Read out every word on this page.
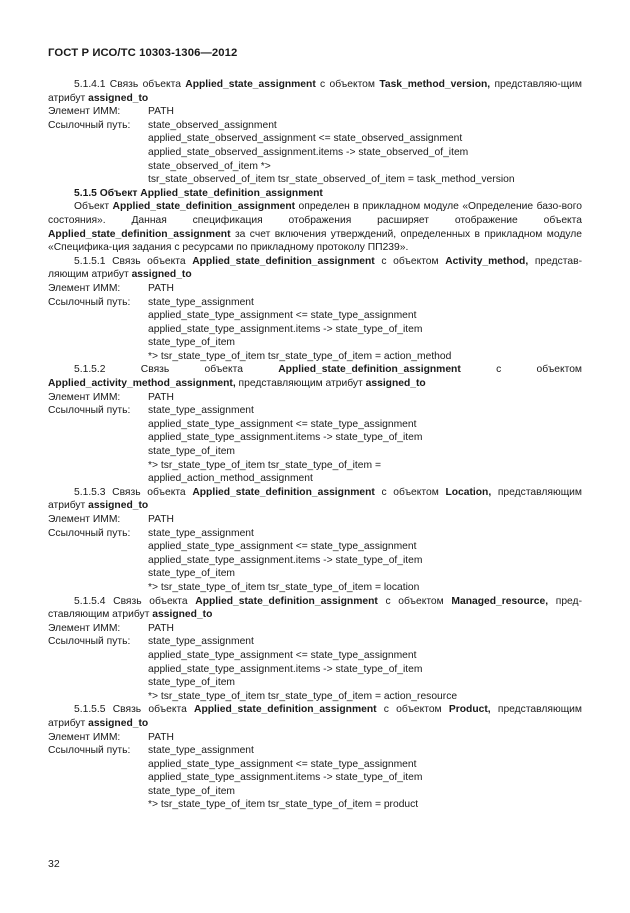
ГОСТ Р ИСО/ТС 10303-1306—2012

5.1.4.1 Связь объекта Applied_state_assignment с объектом Task_method_version, представляю-щим атрибут assigned_to

Элемент ИММ:	PATH
Ссылочный путь:	state_observed_assignment
applied_state_observed_assignment <= state_observed_assignment
applied_state_observed_assignment.items -> state_observed_of_item
state_observed_of_item *>
tsr_state_observed_of_item tsr_state_observed_of_item = task_method_version

5.1.5 Объект Applied_state_definition_assignment

Объект Applied_state_definition_assignment определен в прикладном модуле «Определение базо-вого состояния». Данная спецификация отображения расширяет отображение объекта Applied_state_definition_assignment за счет включения утверждений, определенных в прикладном модуле «Специфика-ция задания с ресурсами по прикладному протоколу ПП239».

5.1.5.1 Связь объекта Applied_state_definition_assignment с объектом Activity_method, представ-ляющим атрибут assigned_to

Элемент ИММ:	PATH
Ссылочный путь:	state_type_assignment
applied_state_type_assignment <= state_type_assignment
applied_state_type_assignment.items -> state_type_of_item
state_type_of_item
*> tsr_state_type_of_item tsr_state_type_of_item = action_method

5.1.5.2 Связь объекта Applied_state_definition_assignment с объектом Applied_activity_method_assignment, представляющим атрибут assigned_to

Элемент ИММ:	PATH
Ссылочный путь:	state_type_assignment
applied_state_type_assignment <= state_type_assignment
applied_state_type_assignment.items -> state_type_of_item
state_type_of_item
*> tsr_state_type_of_item tsr_state_type_of_item =
applied_action_method_assignment

5.1.5.3 Связь объекта Applied_state_definition_assignment с объектом Location, представляющим атрибут assigned_to

Элемент ИММ:	PATH
Ссылочный путь:	state_type_assignment
applied_state_type_assignment <= state_type_assignment
applied_state_type_assignment.items -> state_type_of_item
state_type_of_item
*> tsr_state_type_of_item tsr_state_type_of_item = location

5.1.5.4 Связь объекта Applied_state_definition_assignment с объектом Managed_resource, пред-ставляющим атрибут assigned_to

Элемент ИММ:	PATH
Ссылочный путь:	state_type_assignment
applied_state_type_assignment <= state_type_assignment
applied_state_type_assignment.items -> state_type_of_item
state_type_of_item
*> tsr_state_type_of_item tsr_state_type_of_item = action_resource

5.1.5.5 Связь объекта Applied_state_definition_assignment с объектом Product, представляющим атрибут assigned_to

Элемент ИММ:	PATH
Ссылочный путь:	state_type_assignment
applied_state_type_assignment <= state_type_assignment
applied_state_type_assignment.items -> state_type_of_item
state_type_of_item
*> tsr_state_type_of_item tsr_state_type_of_item = product
32
